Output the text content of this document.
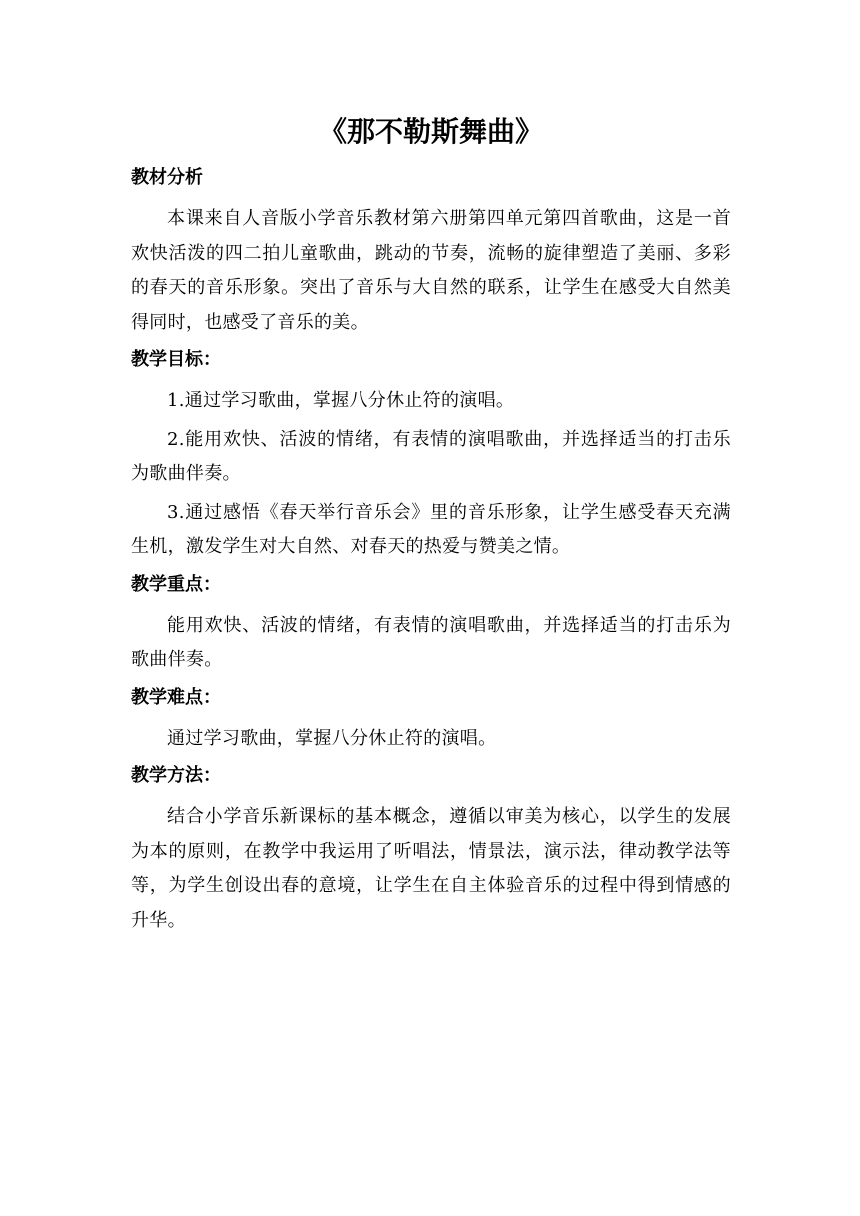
《那不勒斯舞曲》
教材分析

本课来自人音版小学音乐教材第六册第四单元第四首歌曲，这是一首欢快活泼的四二拍儿童歌曲，跳动的节奏，流畅的旋律塑造了美丽、多彩的春天的音乐形象。突出了音乐与大自然的联系，让学生在感受大自然美得同时，也感受了音乐的美。

教学目标：

1.通过学习歌曲，掌握八分休止符的演唱。

2.能用欢快、活波的情绪，有表情的演唱歌曲，并选择适当的打击乐为歌曲伴奏。

3.通过感悟《春天举行音乐会》里的音乐形象，让学生感受春天充满生机，激发学生对大自然、对春天的热爱与赞美之情。

教学重点：

能用欢快、活波的情绪，有表情的演唱歌曲，并选择适当的打击乐为歌曲伴奏。

教学难点：

通过学习歌曲，掌握八分休止符的演唱。

教学方法：

结合小学音乐新课标的基本概念，遵循以审美为核心，以学生的发展为本的原则，在教学中我运用了听唱法，情景法，演示法，律动教学法等等，为学生创设出春的意境，让学生在自主体验音乐的过程中得到情感的升华。
